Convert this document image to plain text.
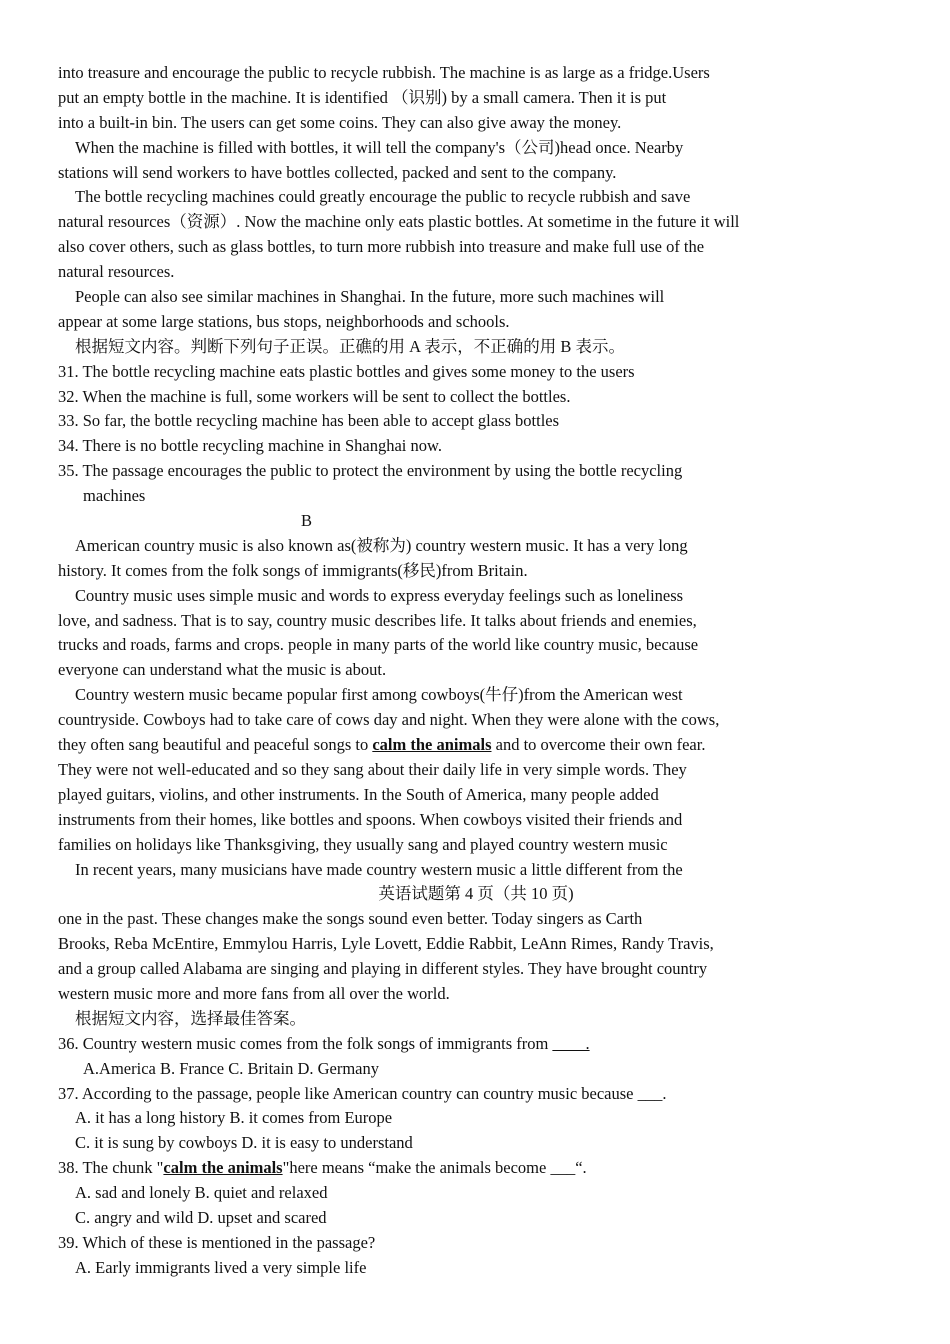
into treasure and encourage the public to recycle rubbish. The machine is as large as a fridge.Users
put an empty bottle in the machine. It is identified （识别) by a small camera. Then it is put
into a built-in bin. The users can get some coins. They can also give away the money.
When the machine is filled with bottles, it will tell the company's（公司)head once. Nearby
stations will send workers to have bottles collected, packed and sent to the company.
The bottle recycling machines could greatly encourage the public to recycle rubbish and save
natural resources（资源）. Now the machine only eats plastic bottles. At sometime in the future it will
also cover others, such as glass bottles, to turn more rubbish into treasure and make full use of the
natural resources.
People can also see similar machines in Shanghai. In the future, more such machines will
appear at some large stations, bus stops, neighborhoods and schools.
根据短文内容。判断下列句子正误。正礁的用 A 表示，不正确的用 B 表示。
31. The bottle recycling machine eats plastic bottles and gives some money to the users
32. When the machine is full, some workers will be sent to collect the bottles.
33. So far, the bottle recycling machine has been able to accept glass bottles
34. There is no bottle recycling machine in Shanghai now.
35. The passage encourages the public to protect the environment by using the bottle recycling
machines
B
American country music is also known as(被称为) country western music. It has a very long
history. It comes from the folk songs of immigrants(移民)from Britain.
Country music uses simple music and words to express everyday feelings such as loneliness
love, and sadness. That is to say, country music describes life. It talks about friends and enemies,
trucks and roads, farms and crops. people in many parts of the world like country music, because
everyone can understand what the music is about.
Country western music became popular first among cowboys(牛仔)from the American west
countryside. Cowboys had to take care of cows day and night. When they were alone with the cows,
they often sang beautiful and peaceful songs to calm the animals and to overcome their own fear.
They were not well-educated and so they sang about their daily life in very simple words. They
played guitars, violins, and other instruments. In the South of America, many people added
instruments from their homes, like bottles and spoons. When cowboys visited their friends and
families on holidays like Thanksgiving, they usually sang and played country western music
In recent years, many musicians have made country western music a little different from the
英语试题第 4 页（共 10 页)
one in the past. These changes make the songs sound even better. Today singers as Carth
Brooks, Reba McEntire, Emmylou Harris, Lyle Lovett, Eddie Rabbit, LeAnn Rimes, Randy Travis,
and a group called Alabama are singing and playing in different styles. They have brought country
western music more and more fans from all over the world.
根据短文内容，选择最佳答案。
36. Country western music comes from the folk songs of immigrants from ____.
A.America B. France C. Britain D. Germany
37. According to the passage, people like American country can country music because ___.
A. it has a long history B. it comes from Europe
C. it is sung by cowboys D. it is easy to understand
38. The chunk "calm the animals"here means “make the animals become ___“.
A. sad and lonely B. quiet and relaxed
C. angry and wild D. upset and scared
39. Which of these is mentioned in the passage?
A. Early immigrants lived a very simple life
